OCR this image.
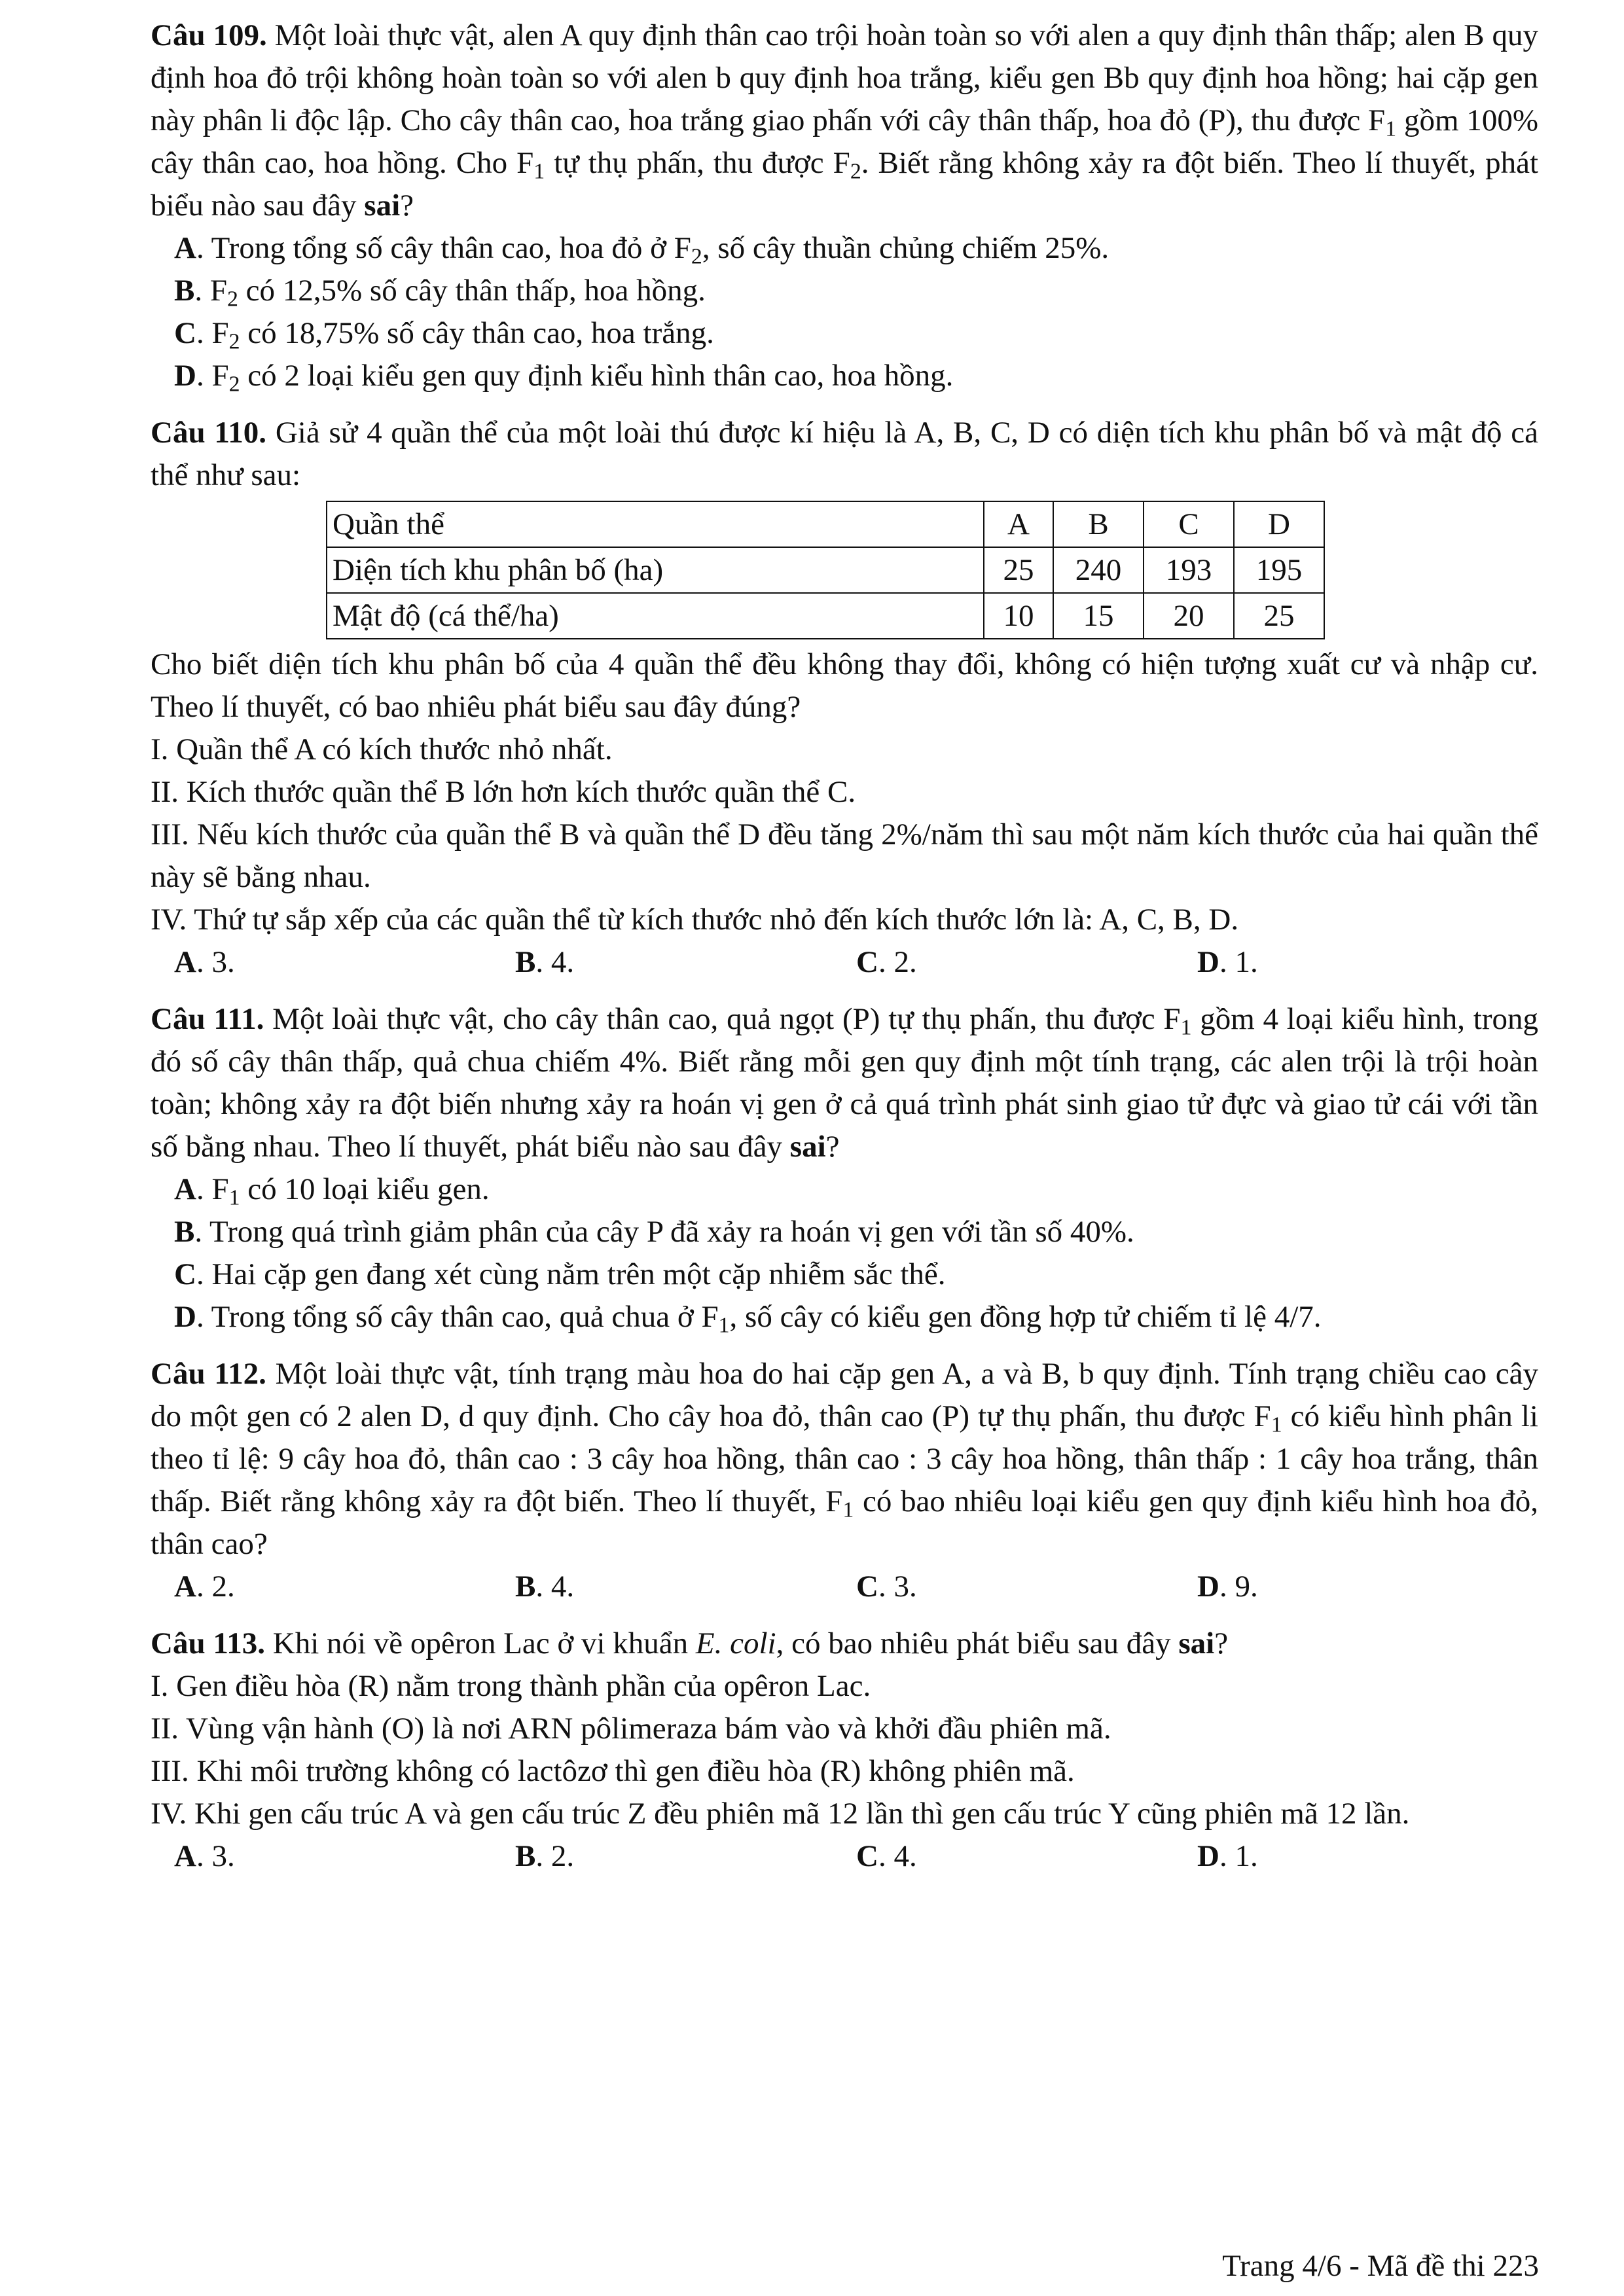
Câu 109. Một loài thực vật, alen A quy định thân cao trội hoàn toàn so với alen a quy định thân thấp; alen B quy định hoa đỏ trội không hoàn toàn so với alen b quy định hoa trắng, kiểu gen Bb quy định hoa hồng; hai cặp gen này phân li độc lập. Cho cây thân cao, hoa trắng giao phấn với cây thân thấp, hoa đỏ (P), thu được $F_1$ gồm 100% cây thân cao, hoa hồng. Cho $F_1$ tự thụ phấn, thu được $F_2$. Biết rằng không xảy ra đột biến. Theo lí thuyết, phát biểu nào sau đây sai?

A. Trong tổng số cây thân cao, hoa đỏ ở $F_2$, số cây thuần chủng chiếm 25%.

B. $F_2$ có 12,5% số cây thân thấp, hoa hồng.

C. $F_2$ có 18,75% số cây thân cao, hoa trắng.

D. $F_2$ có 2 loại kiểu gen quy định kiểu hình thân cao, hoa hồng.

Câu 110. Giả sử 4 quần thể của một loài thú được kí hiệu là A, B, C, D có diện tích khu phân bố và mật độ cá thể như sau:

Quần thể	A	B	C	D
Diện tích khu phân bố (ha)	25	240	193	195
Mật độ (cá thể/ha)	10	15	20	25

Cho biết diện tích khu phân bố của 4 quần thể đều không thay đổi, không có hiện tượng xuất cư và nhập cư. Theo lí thuyết, có bao nhiêu phát biểu sau đây đúng?

I. Quần thể A có kích thước nhỏ nhất.

II. Kích thước quần thể B lớn hơn kích thước quần thể C.

III. Nếu kích thước của quần thể B và quần thể D đều tăng 2%/năm thì sau một năm kích thước của hai quần thể này sẽ bằng nhau.

IV. Thứ tự sắp xếp của các quần thể từ kích thước nhỏ đến kích thước lớn là: A, C, B, D.

A. 3.	B. 4.	C. 2.	D. 1.

Câu 111. Một loài thực vật, cho cây thân cao, quả ngọt (P) tự thụ phấn, thu được $F_1$ gồm 4 loại kiểu hình, trong đó số cây thân thấp, quả chua chiếm 4%. Biết rằng mỗi gen quy định một tính trạng, các alen trội là trội hoàn toàn; không xảy ra đột biến nhưng xảy ra hoán vị gen ở cả quá trình phát sinh giao tử đực và giao tử cái với tần số bằng nhau. Theo lí thuyết, phát biểu nào sau đây sai?

A. $F_1$ có 10 loại kiểu gen.

B. Trong quá trình giảm phân của cây P đã xảy ra hoán vị gen với tần số 40%.

C. Hai cặp gen đang xét cùng nằm trên một cặp nhiễm sắc thể.

D. Trong tổng số cây thân cao, quả chua ở $F_1$, số cây có kiểu gen đồng hợp tử chiếm tỉ lệ 4/7.

Câu 112. Một loài thực vật, tính trạng màu hoa do hai cặp gen A, a và B, b quy định. Tính trạng chiều cao cây do một gen có 2 alen D, d quy định. Cho cây hoa đỏ, thân cao (P) tự thụ phấn, thu được $F_1$ có kiểu hình phân li theo tỉ lệ: 9 cây hoa đỏ, thân cao : 3 cây hoa hồng, thân cao : 3 cây hoa hồng, thân thấp : 1 cây hoa trắng, thân thấp. Biết rằng không xảy ra đột biến. Theo lí thuyết, $F_1$ có bao nhiêu loại kiểu gen quy định kiểu hình hoa đỏ, thân cao?

A. 2.	B. 4.	C. 3.	D. 9.

Câu 113. Khi nói về opêron Lac ở vi khuẩn E. coli, có bao nhiêu phát biểu sau đây sai?

I. Gen điều hòa (R) nằm trong thành phần của opêron Lac.

II. Vùng vận hành (O) là nơi ARN pôlimeraza bám vào và khởi đầu phiên mã.

III. Khi môi trường không có lactôzơ thì gen điều hòa (R) không phiên mã.

IV. Khi gen cấu trúc A và gen cấu trúc Z đều phiên mã 12 lần thì gen cấu trúc Y cũng phiên mã 12 lần.

A. 3.	B. 2.	C. 4.	D. 1.
Trang 4/6 - Mã đề thi 223
